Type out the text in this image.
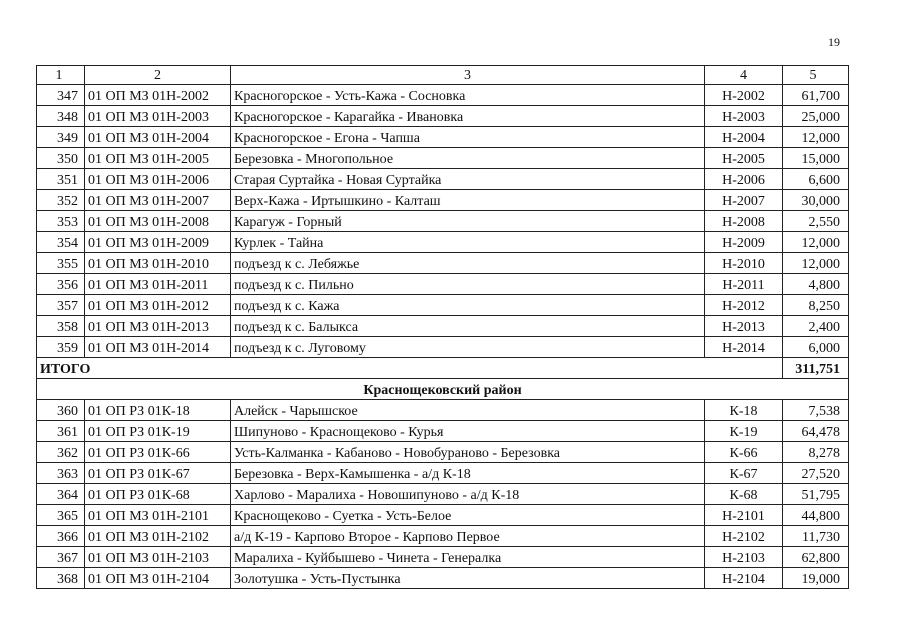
19
1	2	3	4	5
347	01 ОП МЗ 01Н-2002	Красногорское - Усть-Кажа - Сосновка	Н-2002	61,700
348	01 ОП МЗ 01Н-2003	Красногорское - Карагайка - Ивановка	Н-2003	25,000
349	01 ОП МЗ 01Н-2004	Красногорское - Егона - Чапша	Н-2004	12,000
350	01 ОП МЗ 01Н-2005	Березовка - Многопольное	Н-2005	15,000
351	01 ОП МЗ 01Н-2006	Старая Суртайка - Новая Суртайка	Н-2006	6,600
352	01 ОП МЗ 01Н-2007	Верх-Кажа - Иртышкино - Калташ	Н-2007	30,000
353	01 ОП МЗ 01Н-2008	Карагуж - Горный	Н-2008	2,550
354	01 ОП МЗ 01Н-2009	Курлек - Тайна	Н-2009	12,000
355	01 ОП МЗ 01Н-2010	подъезд к с. Лебяжье	Н-2010	12,000
356	01 ОП МЗ 01Н-2011	подъезд к с. Пильно	Н-2011	4,800
357	01 ОП МЗ 01Н-2012	подъезд к с. Кажа	Н-2012	8,250
358	01 ОП МЗ 01Н-2013	подъезд к с. Балыкса	Н-2013	2,400
359	01 ОП МЗ 01Н-2014	подъезд к с. Луговому	Н-2014	6,000
ИТОГО				311,751
Краснощековский район				
360	01 ОП РЗ 01К-18	Алейск - Чарышское	К-18	7,538
361	01 ОП РЗ 01К-19	Шипуново - Краснощеково - Курья	К-19	64,478
362	01 ОП РЗ 01К-66	Усть-Калманка - Кабаново - Новобураново - Березовка	К-66	8,278
363	01 ОП РЗ 01К-67	Березовка - Верх-Камышенка - а/д К-18	К-67	27,520
364	01 ОП РЗ 01К-68	Харлово - Маралиха - Новошипуново - а/д К-18	К-68	51,795
365	01 ОП МЗ 01Н-2101	Краснощеково - Суетка - Усть-Белое	Н-2101	44,800
366	01 ОП МЗ 01Н-2102	а/д К-19 - Карпово Второе - Карпово Первое	Н-2102	11,730
367	01 ОП МЗ 01Н-2103	Маралиха - Куйбышево - Чинета - Генералка	Н-2103	62,800
368	01 ОП МЗ 01Н-2104	Золотушка - Усть-Пустынка	Н-2104	19,000
